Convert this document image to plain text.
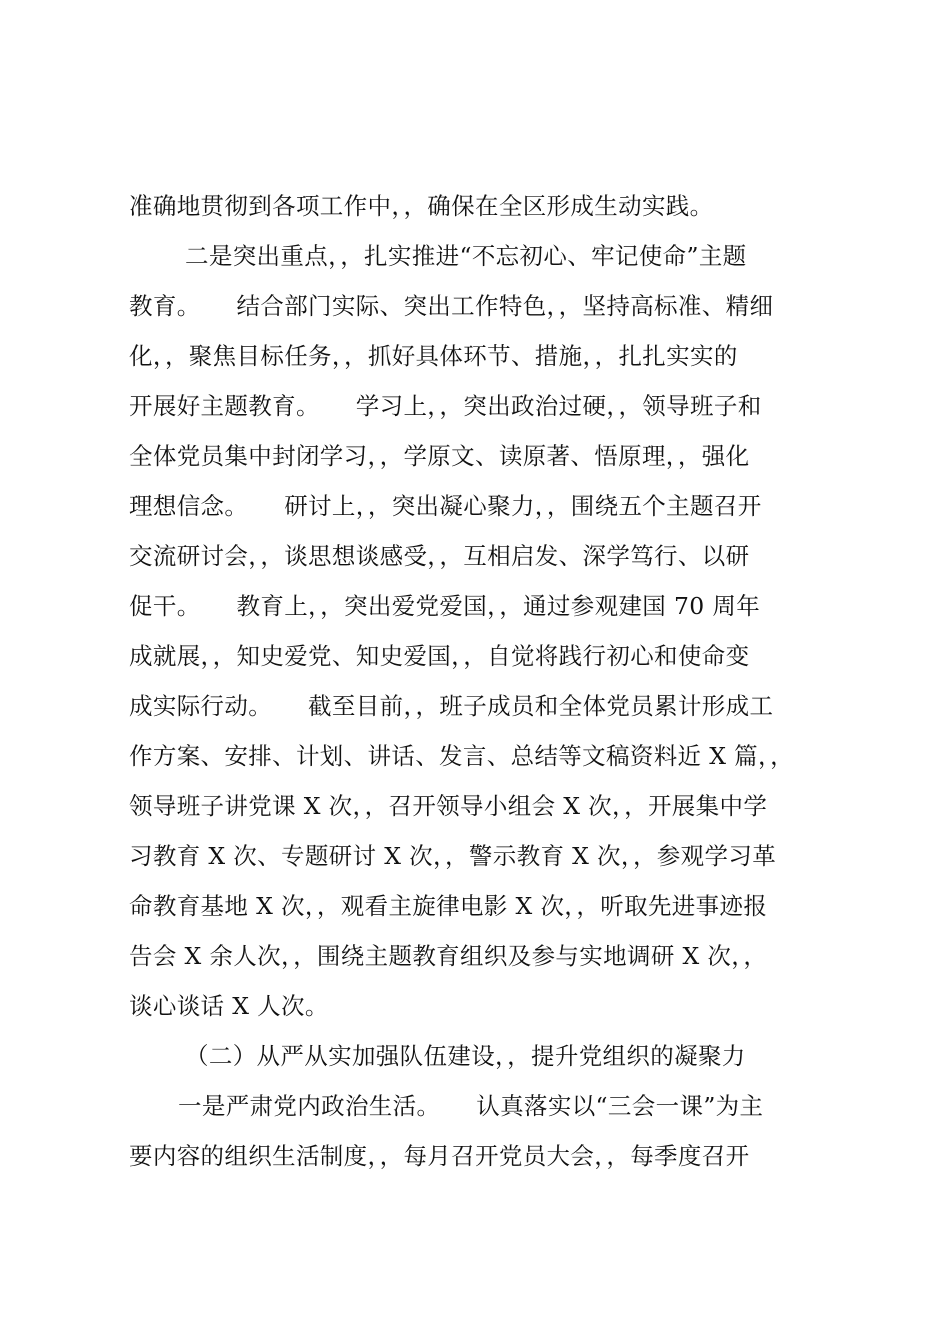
准确地贯彻到各项工作中，，确保在全区形成生动实践。
二是突出重点，，扎实推进“不忘初心、牢记使命”主题
教育。　　结合部门实际、突出工作特色，，坚持高标准、精细
化，，聚焦目标任务，，抓好具体环节、措施，，扎扎实实的
开展好主题教育。　　学习上，，突出政治过硬，，领导班子和
全体党员集中封闭学习，，学原文、读原著、悟原理，，强化
理想信念。　　研讨上，，突出凝心聚力，，围绕五个主题召开
交流研讨会，，谈思想谈感受，，互相启发、深学笃行、以研
促干。　　教育上，，突出爱党爱国，，通过参观建国 70 周年
成就展，，知史爱党、知史爱国，，自觉将践行初心和使命变
成实际行动。　　截至目前，，班子成员和全体党员累计形成工
作方案、安排、计划、讲话、发言、总结等文稿资料近 X 篇，，
领导班子讲党课 X 次，，召开领导小组会 X 次，，开展集中学
习教育 X 次、专题研讨 X 次，，警示教育 X 次，，参观学习革
命教育基地 X 次，，观看主旋律电影 X 次，，听取先进事迹报
告会 X 余人次，，围绕主题教育组织及参与实地调研 X 次，，
谈心谈话 X 人次。
（二）从严从实加强队伍建设，，提升党组织的凝聚力
一是严肃党内政治生活。　　认真落实以“三会一课”为主
要内容的组织生活制度，，每月召开党员大会，，每季度召开
